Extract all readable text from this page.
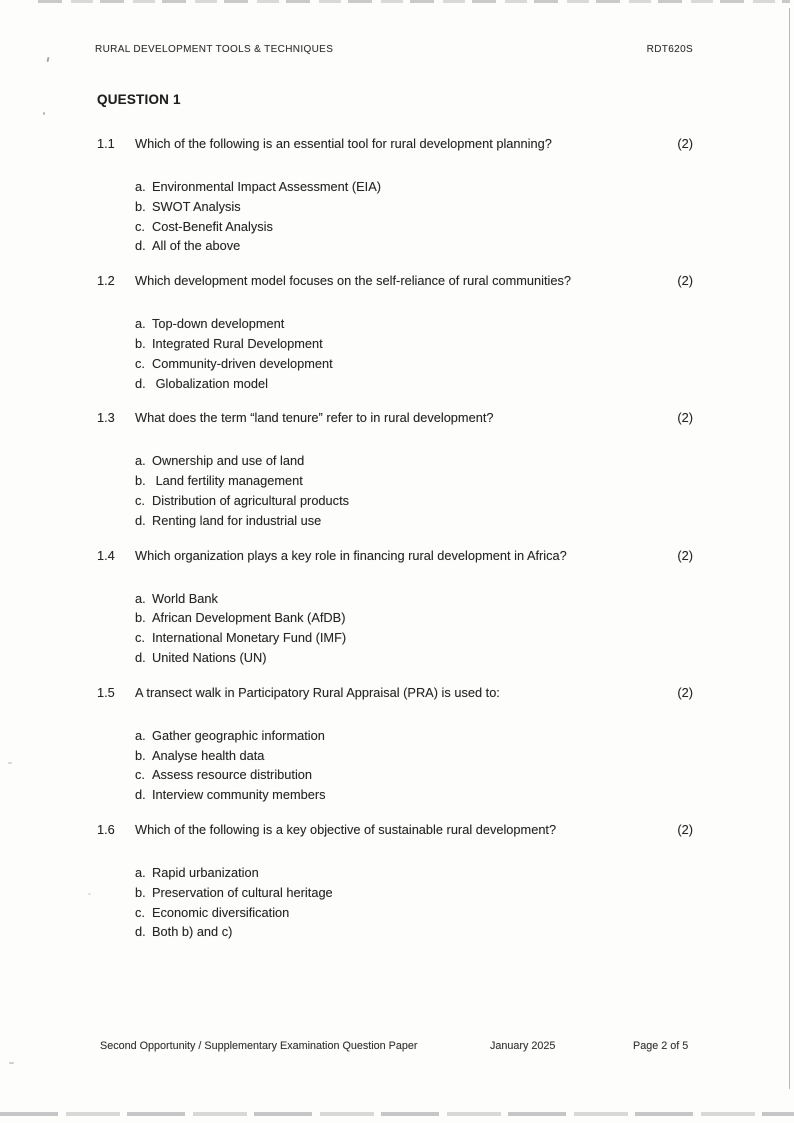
RURAL DEVELOPMENT TOOLS & TECHNIQUES	RDT620S
QUESTION 1
1.1	Which of the following is an essential tool for rural development planning?	(2)
a. Environmental Impact Assessment (EIA)
b. SWOT Analysis
c. Cost-Benefit Analysis
d. All of the above
1.2	Which development model focuses on the self-reliance of rural communities?	(2)
a. Top-down development
b. Integrated Rural Development
c. Community-driven development
d. Globalization model
1.3	What does the term “land tenure” refer to in rural development?	(2)
a. Ownership and use of land
b. Land fertility management
c. Distribution of agricultural products
d. Renting land for industrial use
1.4	Which organization plays a key role in financing rural development in Africa?	(2)
a. World Bank
b. African Development Bank (AfDB)
c. International Monetary Fund (IMF)
d. United Nations (UN)
1.5	A transect walk in Participatory Rural Appraisal (PRA) is used to:	(2)
a. Gather geographic information
b. Analyse health data
c. Assess resource distribution
d. Interview community members
1.6	Which of the following is a key objective of sustainable rural development?	(2)
a. Rapid urbanization
b. Preservation of cultural heritage
c. Economic diversification
d. Both b) and c)
Second Opportunity / Supplementary Examination Question Paper	January 2025	Page 2 of 5
